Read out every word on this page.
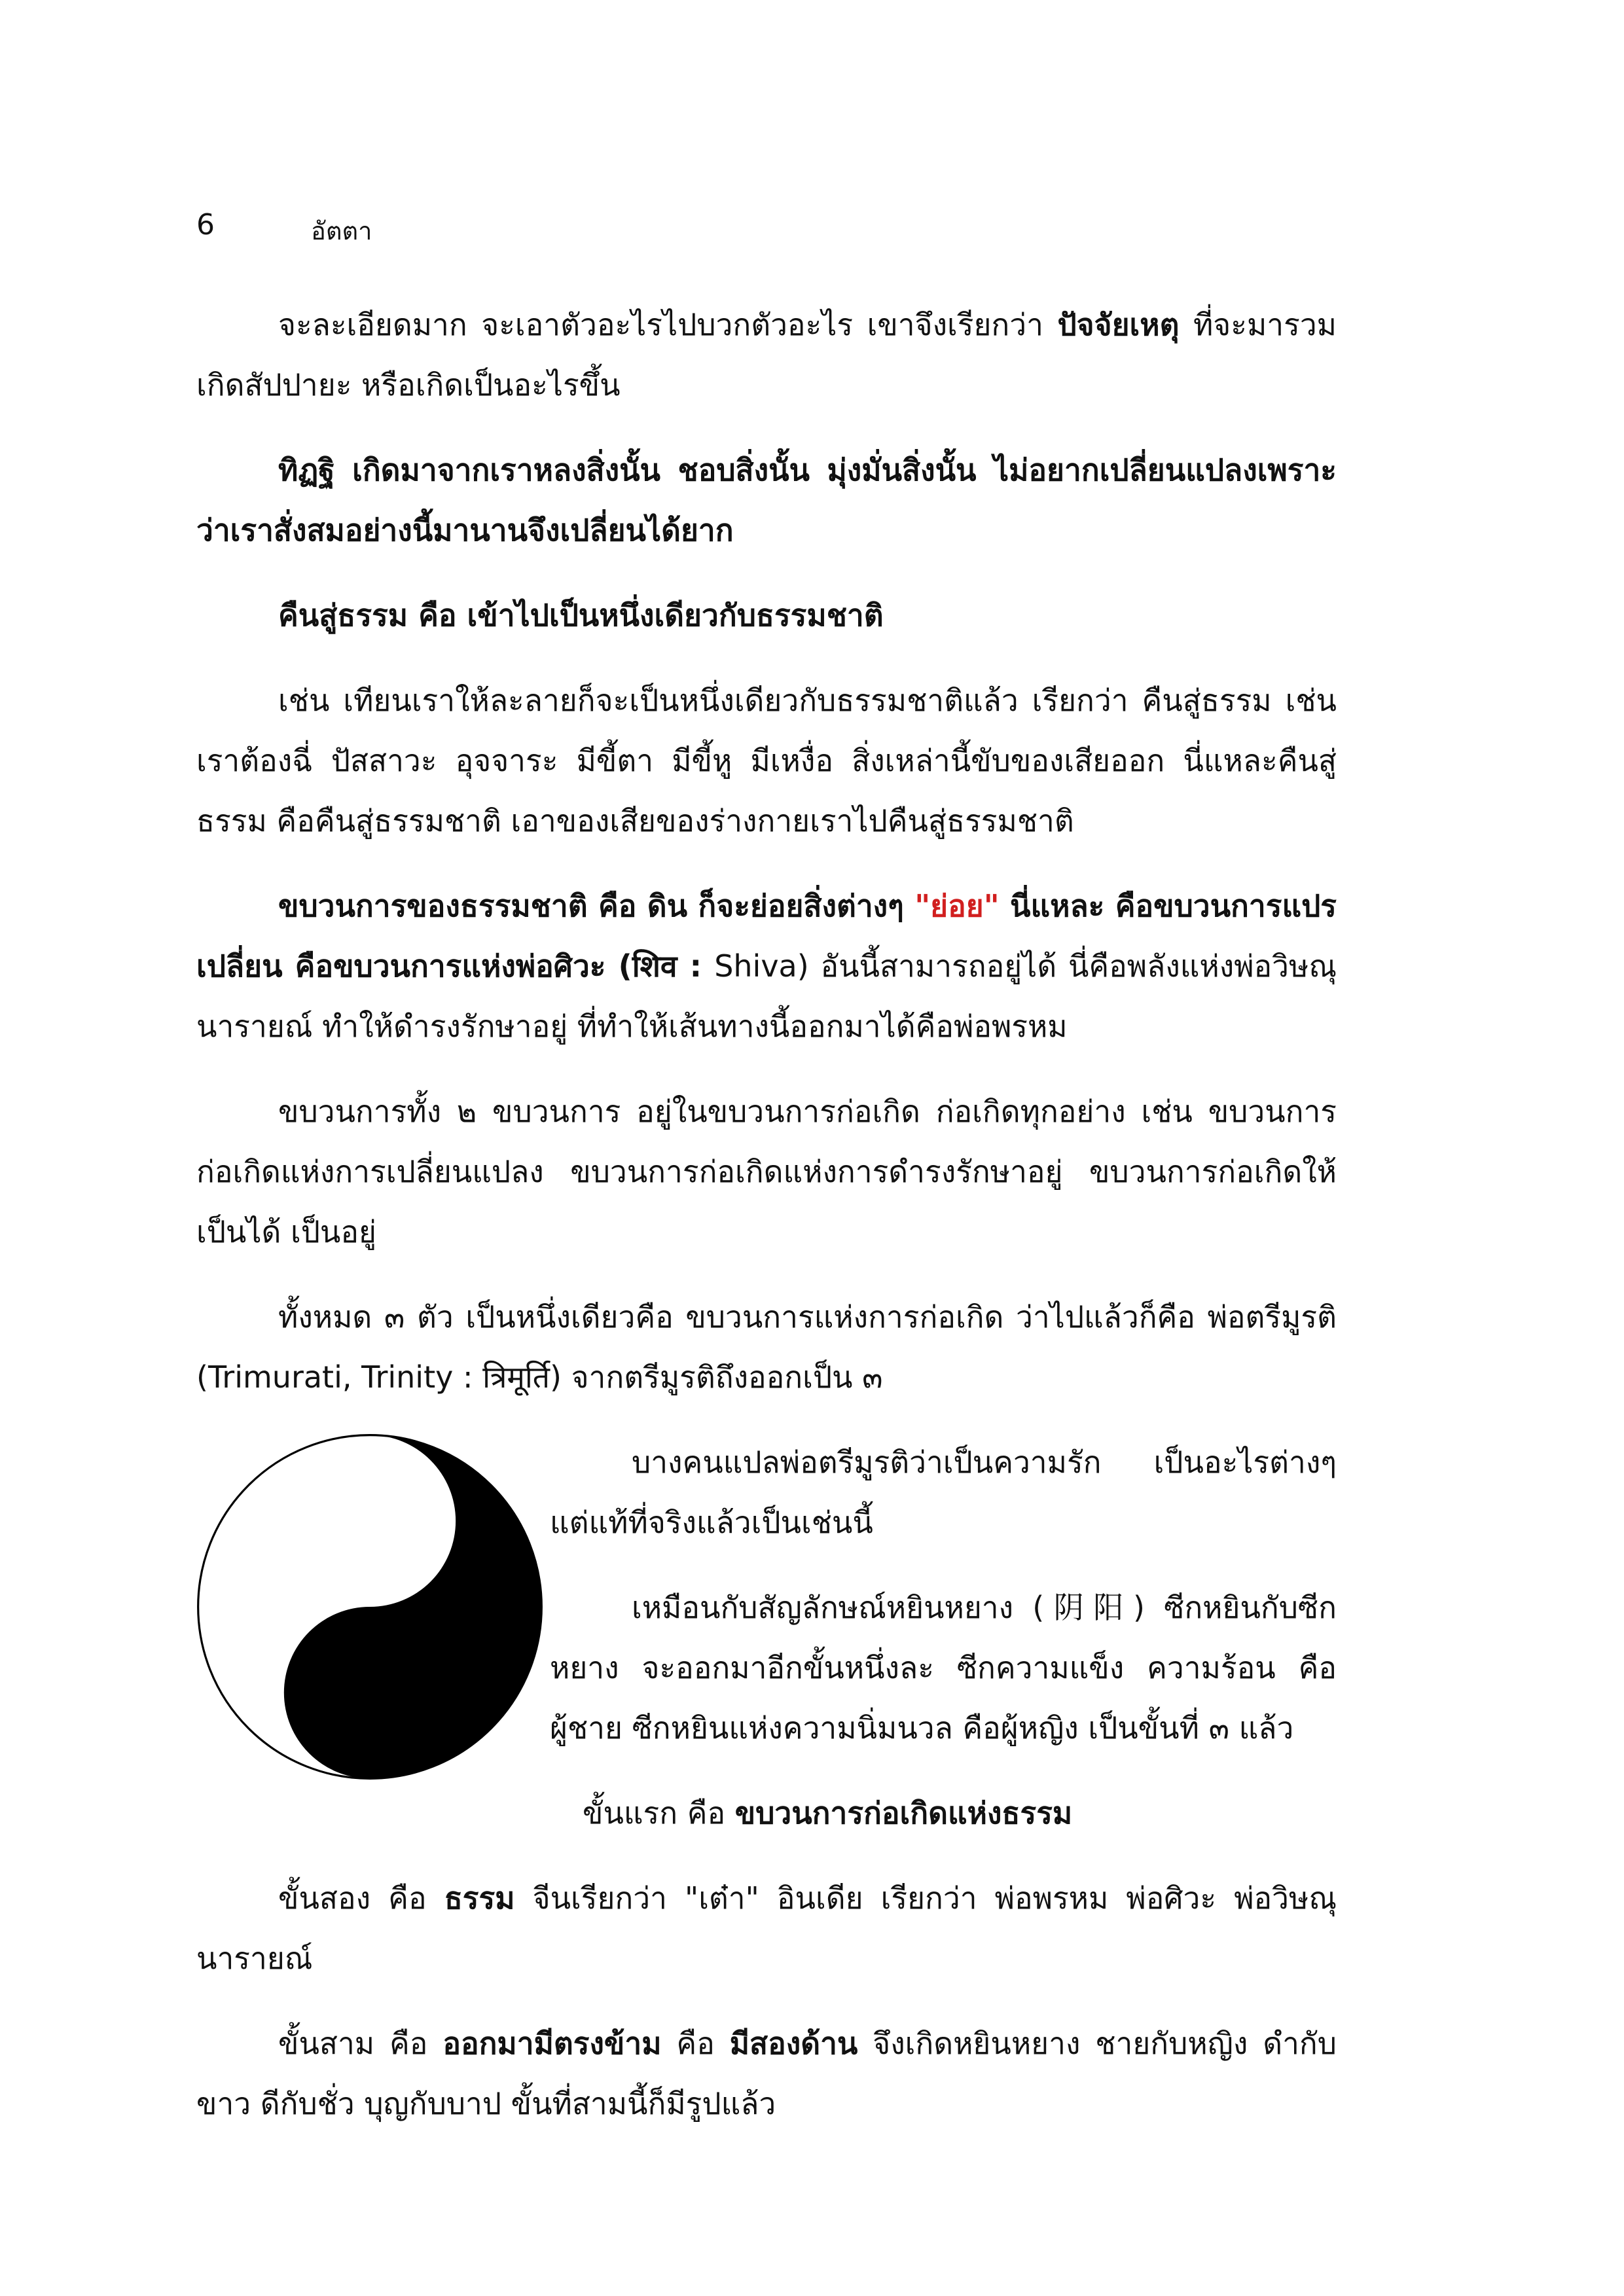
6	อัตตา

จะละเอียดมาก จะเอาตัวอะไรไปบวกตัวอะไร เขาจึงเรียกว่า ปัจจัยเหตุ ที่จะมารวมเกิดสัปปายะ หรือเกิดเป็นอะไรขึ้น

ทิฏฐิ เกิดมาจากเราหลงสิ่งนั้น ชอบสิ่งนั้น มุ่งมั่นสิ่งนั้น ไม่อยากเปลี่ยนแปลงเพราะว่าเราสั่งสมอย่างนี้มานานจึงเปลี่ยนได้ยาก

คืนสู่ธรรม คือ เข้าไปเป็นหนึ่งเดียวกับธรรมชาติ

เช่น เทียนเราให้ละลายก็จะเป็นหนึ่งเดียวกับธรรมชาติแล้ว เรียกว่า คืนสู่ธรรม เช่น เราต้องฉี่ ปัสสาวะ อุจจาระ มีขี้ตา มีขี้หู มีเหงื่อ สิ่งเหล่านี้ขับของเสียออก นี่แหละคืนสู่ธรรม คือคืนสู่ธรรมชาติ เอาของเสียของร่างกายเราไปคืนสู่ธรรมชาติ

ขบวนการของธรรมชาติ คือ ดิน ก็จะย่อยสิ่งต่างๆ "ย่อย" นี่แหละ คือขบวนการแปรเปลี่ยน คือขบวนการแห่งพ่อศิวะ (शिव : Shiva) อันนี้สามารถอยู่ได้ นี่คือพลังแห่งพ่อวิษณุนารายณ์ ทำให้ดำรงรักษาอยู่ ที่ทำให้เส้นทางนี้ออกมาได้คือพ่อพรหม

ขบวนการทั้ง ๒ ขบวนการ อยู่ในขบวนการก่อเกิด ก่อเกิดทุกอย่าง เช่น ขบวนการก่อเกิดแห่งการเปลี่ยนแปลง ขบวนการก่อเกิดแห่งการดำรงรักษาอยู่ ขบวนการก่อเกิดให้เป็นได้ เป็นอยู่

ทั้งหมด ๓ ตัว เป็นหนึ่งเดียวคือ ขบวนการแห่งการก่อเกิด ว่าไปแล้วก็คือ พ่อตรีมูรติ (Trimurati, Trinity : त्रिमूर्ति) จากตรีมูรติถึงออกเป็น ๓

บางคนแปลพ่อตรีมูรติว่าเป็นความรัก เป็นอะไรต่างๆ แต่แท้ที่จริงแล้วเป็นเช่นนี้

เหมือนกับสัญลักษณ์หยินหยาง (阴阳) ซีกหยินกับซีกหยาง จะออกมาอีกขั้นหนึ่งละ ซีกความแข็ง ความร้อน คือผู้ชาย ซีกหยินแห่งความนิ่มนวล คือผู้หญิง เป็นขั้นที่ ๓ แล้ว

ขั้นแรก คือ ขบวนการก่อเกิดแห่งธรรม

ขั้นสอง คือ ธรรม จีนเรียกว่า "เต๋า" อินเดีย เรียกว่า พ่อพรหม พ่อศิวะ พ่อวิษณุนารายณ์

ขั้นสาม คือ ออกมามีตรงข้าม คือ มีสองด้าน จึงเกิดหยินหยาง ชายกับหญิง ดำกับขาว ดีกับชั่ว บุญกับบาป ขั้นที่สามนี้ก็มีรูปแล้ว
